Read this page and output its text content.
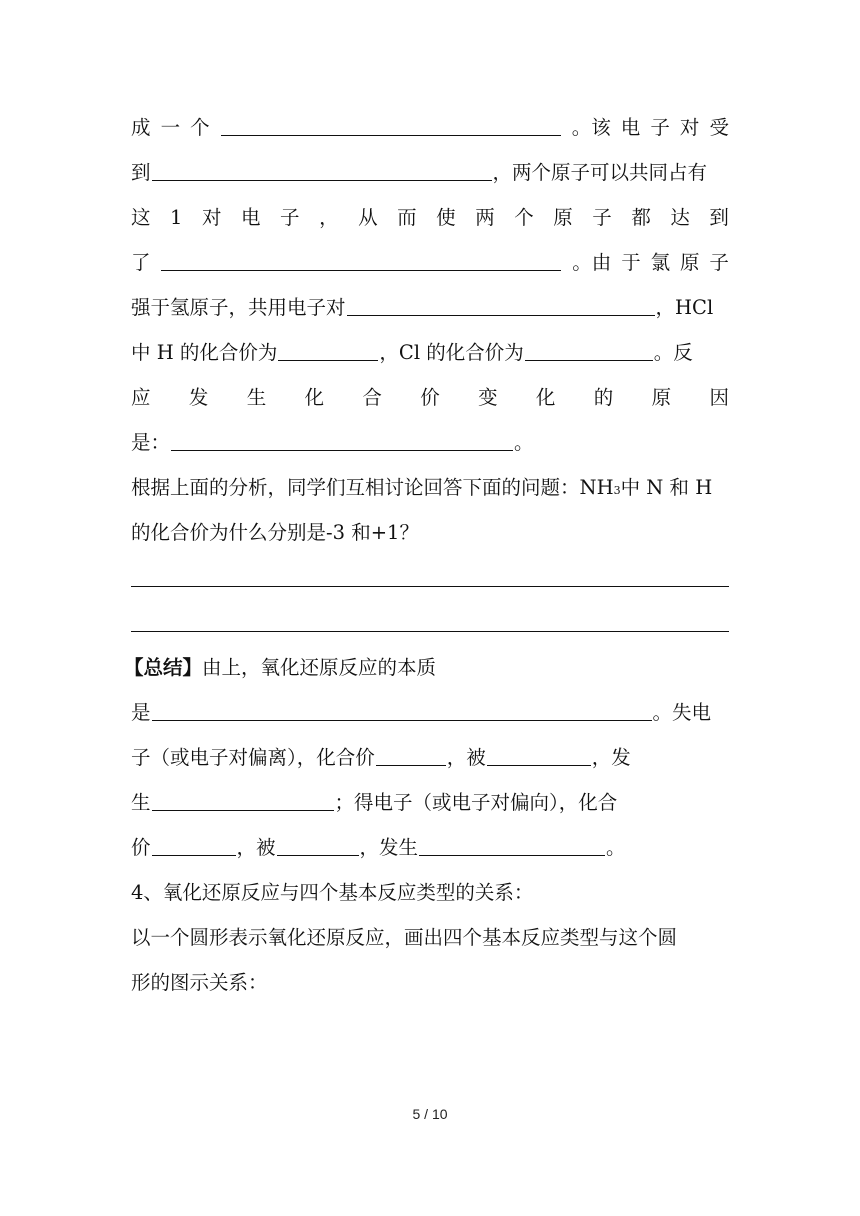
成 一 个	。该 电 子 对 受
到	，两个原子可以共同占有
这 1 对 电 子 ， 从 而 使 两 个 原 子 都 达 到
了	。由 于 氯 原 子
强于氢原子，共用电子对	，HCl
中 H 的化合价为	，Cl 的化合价为	。反
应 发 生 化 合 价 变 化 的 原 因
是：	。
根据上面的分析，同学们互相讨论回答下面的问题：NH 3 中 N 和 H
的化合价为什么分别是-3 和+1？
【总结】 由上，氧化还原反应的本质
是	。失电
子（或电子对偏离），化合价	，被	，发
生	；得电子（或电子对偏向），化合
价	，被	，发生	。
4、氧化还原反应与四个基本反应类型的关系：
以一个圆形表示氧化还原反应，画出四个基本反应类型与这个圆
形的图示关系：
5 / 10
